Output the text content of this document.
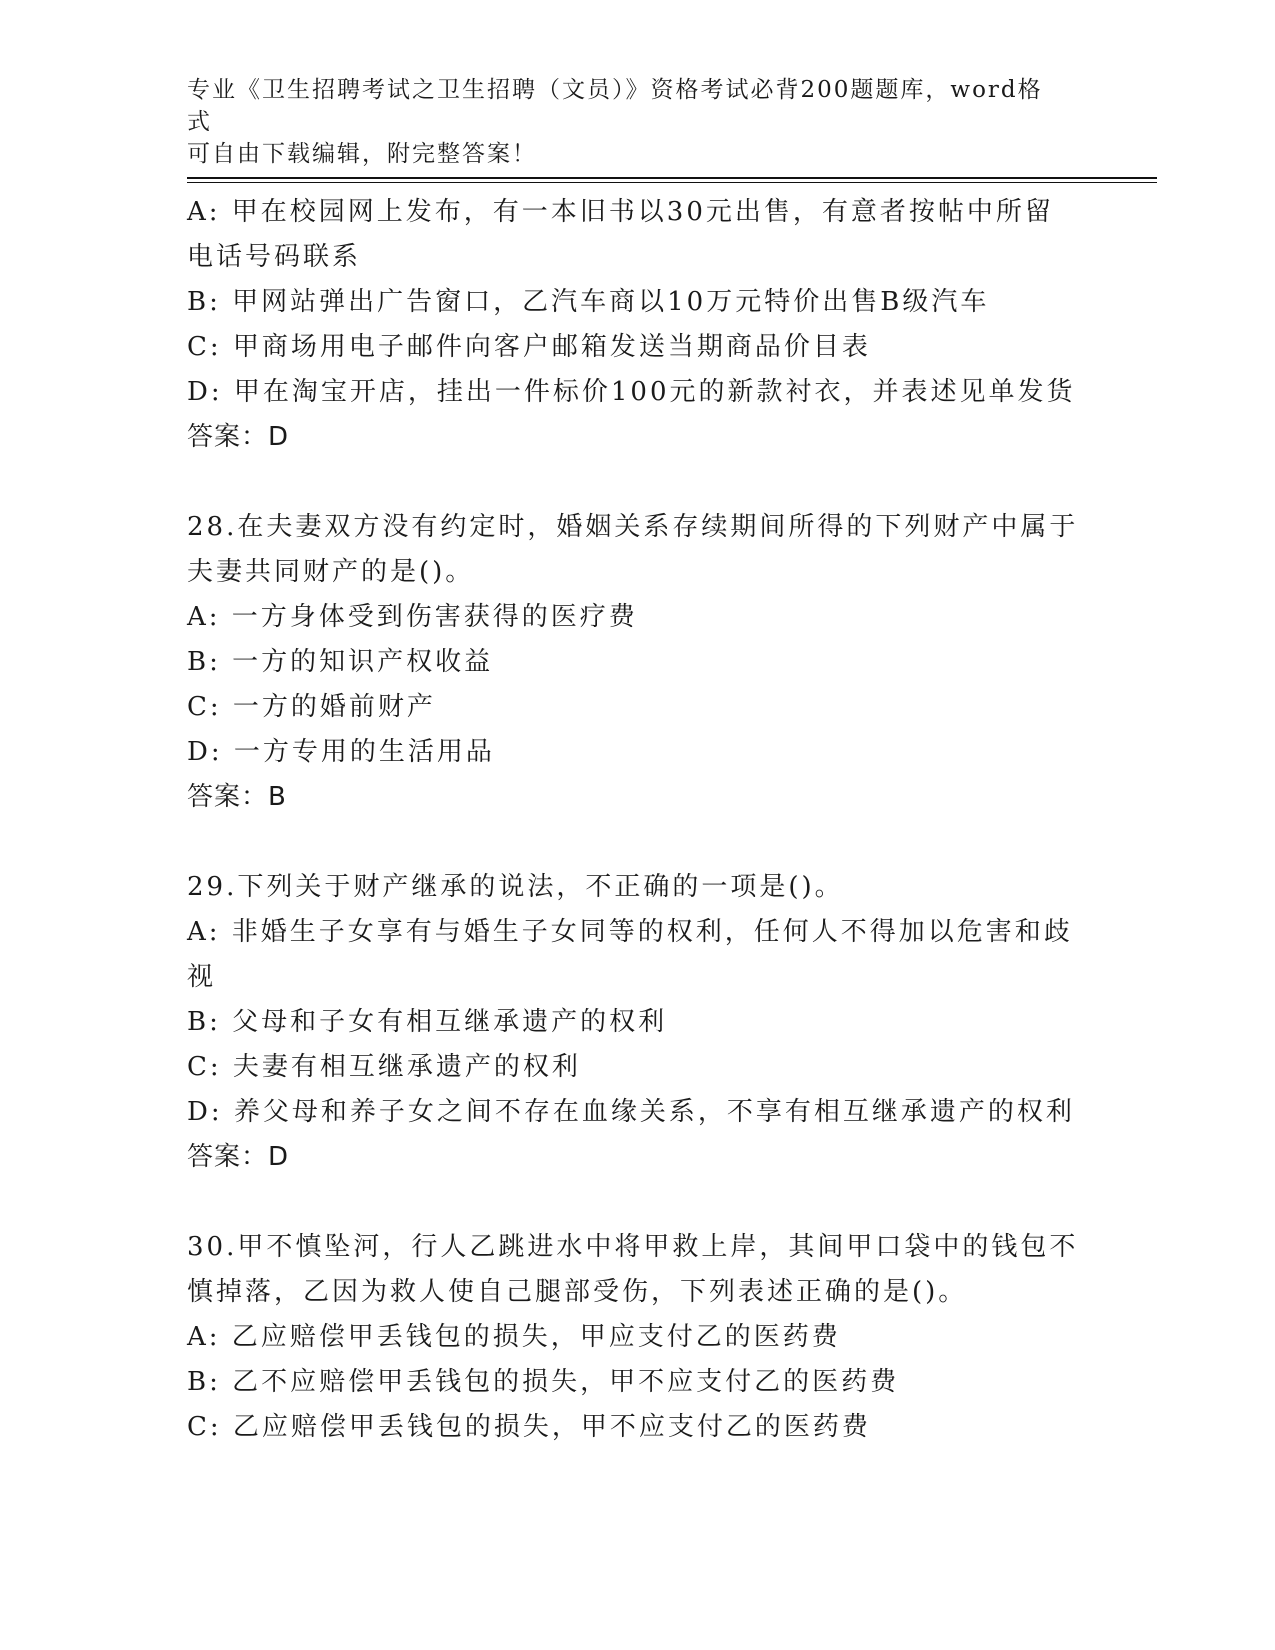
专业《卫生招聘考试之卫生招聘（文员）》资格考试必背200题题库，word格式
可自由下载编辑，附完整答案！
A: 甲在校园网上发布，有一本旧书以30元出售，有意者按帖中所留
电话号码联系
B: 甲网站弹出广告窗口，乙汽车商以10万元特价出售B级汽车
C: 甲商场用电子邮件向客户邮箱发送当期商品价目表
D: 甲在淘宝开店，挂出一件标价100元的新款衬衣，并表述见单发货
答案：D
28.在夫妻双方没有约定时，婚姻关系存续期间所得的下列财产中属于
夫妻共同财产的是()。
A: 一方身体受到伤害获得的医疗费
B: 一方的知识产权收益
C: 一方的婚前财产
D: 一方专用的生活用品
答案：B
29.下列关于财产继承的说法，不正确的一项是()。
A: 非婚生子女享有与婚生子女同等的权利，任何人不得加以危害和歧
视
B: 父母和子女有相互继承遗产的权利
C: 夫妻有相互继承遗产的权利
D: 养父母和养子女之间不存在血缘关系，不享有相互继承遗产的权利
答案：D
30.甲不慎坠河，行人乙跳进水中将甲救上岸，其间甲口袋中的钱包不
慎掉落，乙因为救人使自己腿部受伤，下列表述正确的是()。
A: 乙应赔偿甲丢钱包的损失，甲应支付乙的医药费
B: 乙不应赔偿甲丢钱包的损失，甲不应支付乙的医药费
C: 乙应赔偿甲丢钱包的损失，甲不应支付乙的医药费
